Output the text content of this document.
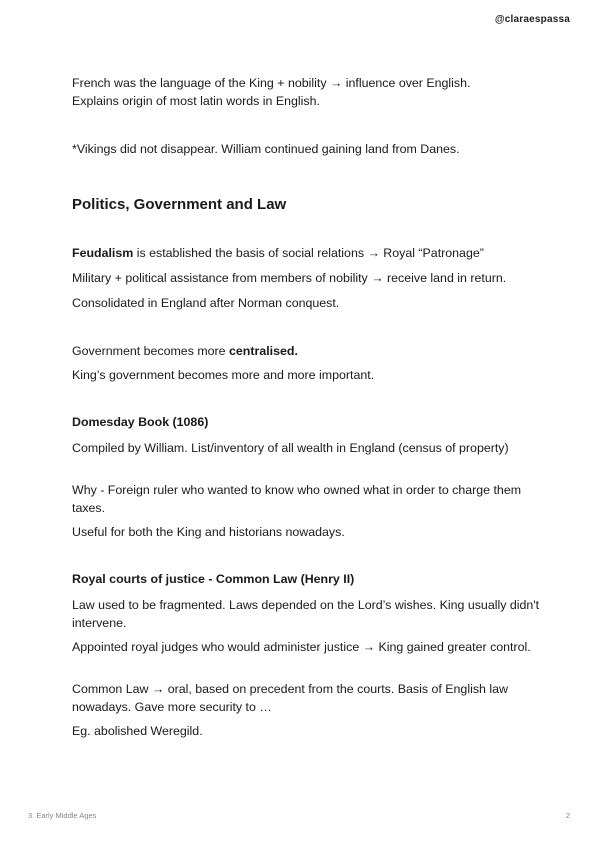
@claraespassa

French was the language of the King + nobility → influence over English.

Explains origin of most latin words in English.

*Vikings did not disappear. William continued gaining land from Danes.

Politics, Government and Law

Feudalism is established the basis of social relations → Royal “Patronage”

Military + political assistance from members of nobility → receive land in return.

Consolidated in England after Norman conquest.

Government becomes more centralised.

King’s government becomes more and more important.

Domesday Book (1086)

Compiled by William. List/inventory of all wealth in England (census of property)

Why - Foreign ruler who wanted to know who owned what in order to charge them taxes.

Useful for both the King and historians nowadays.

Royal courts of justice - Common Law (Henry II)

Law used to be fragmented. Laws depended on the Lord’s wishes. King usually didn't intervene.

Appointed royal judges who would administer justice → King gained greater control.

Common Law → oral, based on precedent from the courts. Basis of English law nowadays. Gave more security to …

Eg. abolished Weregild.

3. Early Middle Ages	2
